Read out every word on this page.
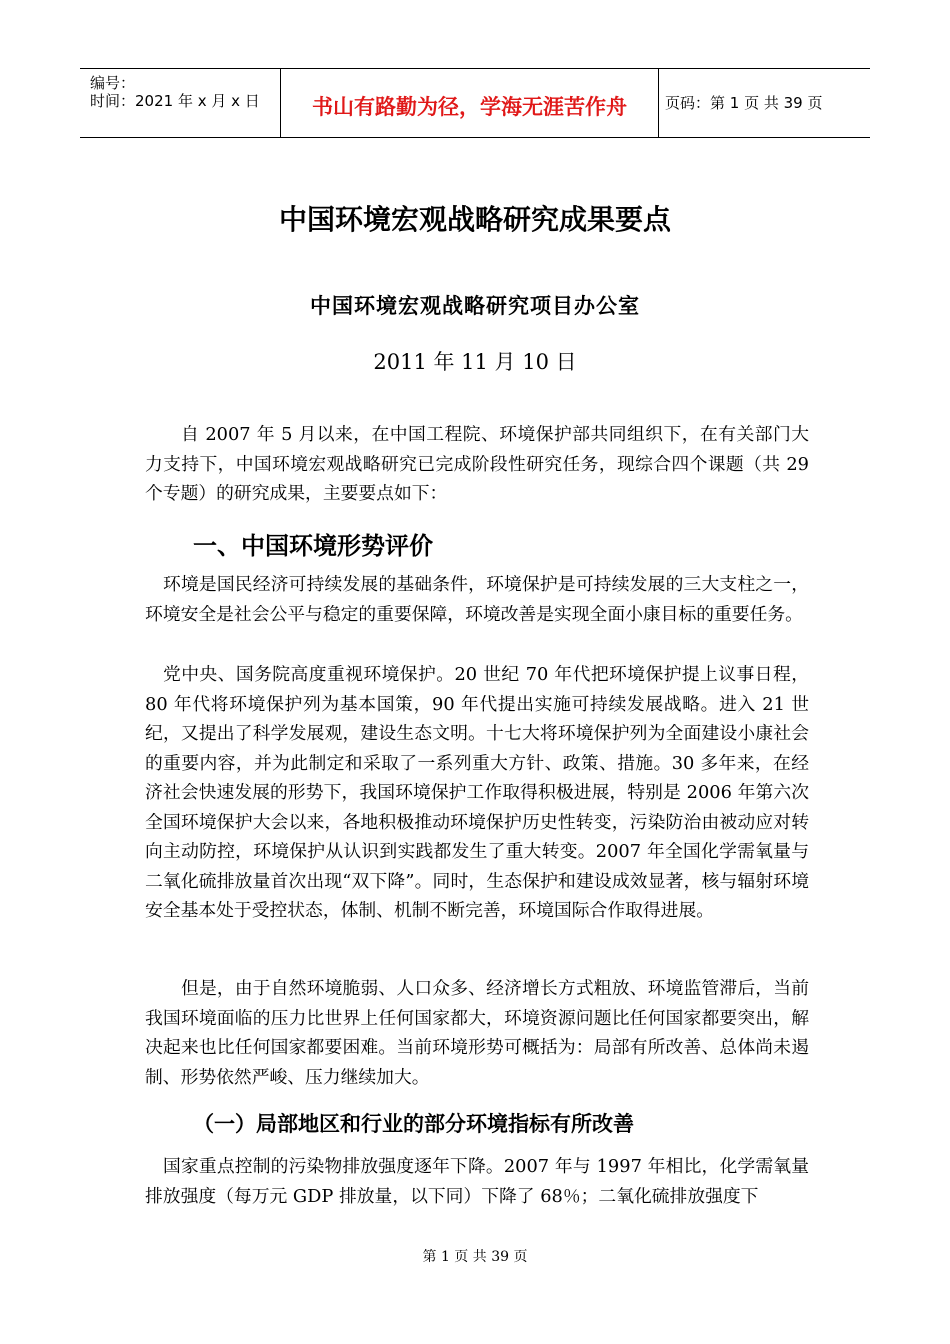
编号：
时间：2021 年 x 月 x 日	书山有路勤为径，学海无涯苦作舟	页码：第 1 页 共 39 页
中国环境宏观战略研究成果要点
中国环境宏观战略研究项目办公室
2011 年 11 月 10 日
自 2007 年 5 月以来，在中国工程院、环境保护部共同组织下，在有关部门大力支持下，中国环境宏观战略研究已完成阶段性研究任务，现综合四个课题（共 29 个专题）的研究成果，主要要点如下：
一、中国环境形势评价
环境是国民经济可持续发展的基础条件，环境保护是可持续发展的三大支柱之一，环境安全是社会公平与稳定的重要保障，环境改善是实现全面小康目标的重要任务。
党中央、国务院高度重视环境保护。20 世纪 70 年代把环境保护提上议事日程，80 年代将环境保护列为基本国策，90 年代提出实施可持续发展战略。进入 21 世纪，又提出了科学发展观，建设生态文明。十七大将环境保护列为全面建设小康社会的重要内容，并为此制定和采取了一系列重大方针、政策、措施。30 多年来，在经济社会快速发展的形势下，我国环境保护工作取得积极进展，特别是 2006 年第六次全国环境保护大会以来，各地积极推动环境保护历史性转变，污染防治由被动应对转向主动防控，环境保护从认识到实践都发生了重大转变。2007 年全国化学需氧量与二氧化硫排放量首次出现“双下降”。同时，生态保护和建设成效显著，核与辐射环境安全基本处于受控状态，体制、机制不断完善，环境国际合作取得进展。
但是，由于自然环境脆弱、人口众多、经济增长方式粗放、环境监管滞后，当前我国环境面临的压力比世界上任何国家都大，环境资源问题比任何国家都要突出，解决起来也比任何国家都要困难。当前环境形势可概括为：局部有所改善、总体尚未遏制、形势依然严峻、压力继续加大。
（一）局部地区和行业的部分环境指标有所改善
国家重点控制的污染物排放强度逐年下降。2007 年与 1997 年相比，化学需氧量排放强度（每万元 GDP 排放量，以下同）下降了 68％；二氧化硫排放强度下
第 1 页 共 39 页
